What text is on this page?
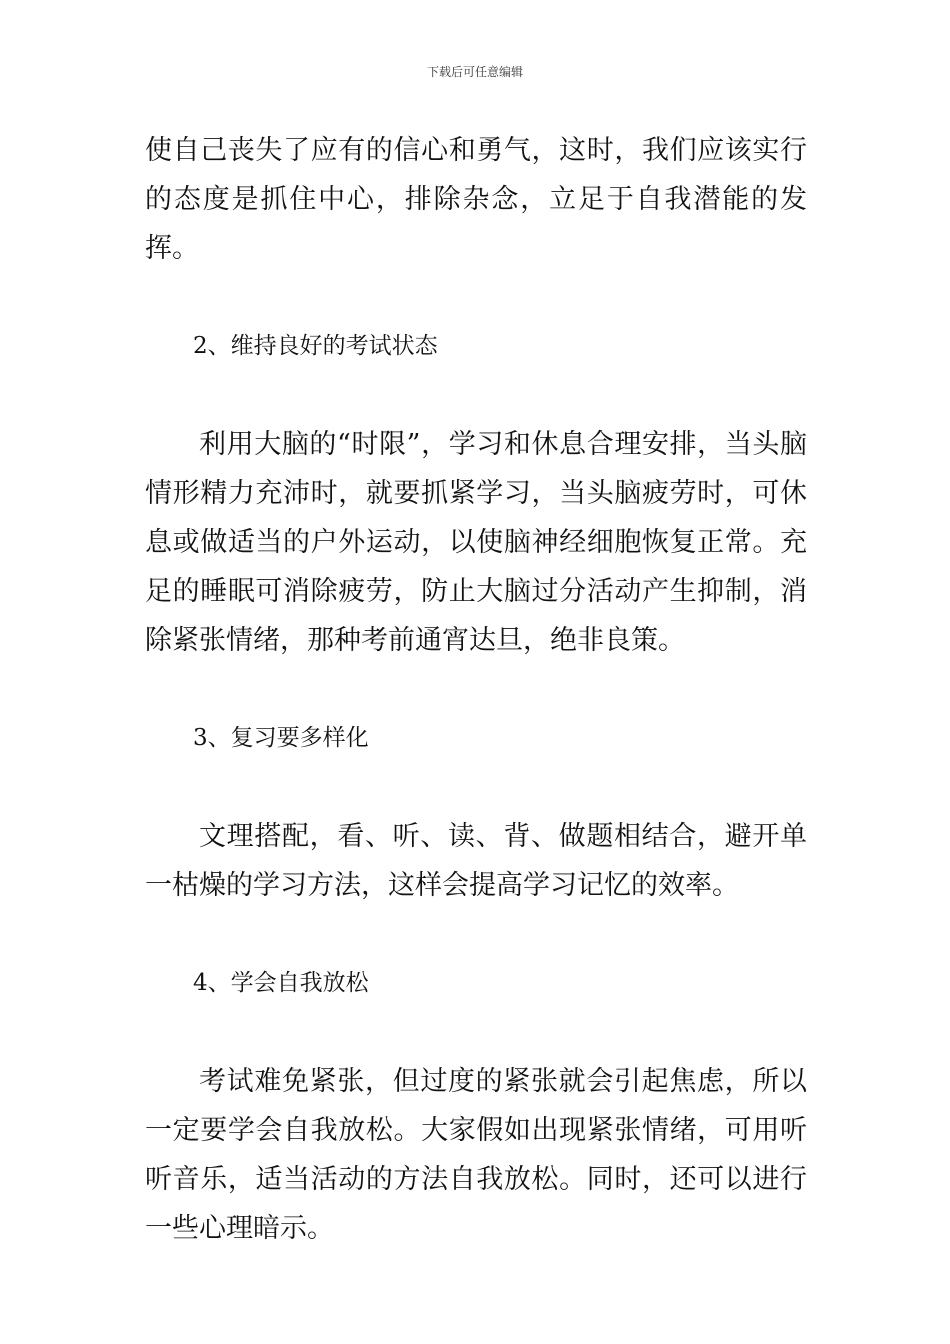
下载后可任意编辑

使自己丧失了应有的信心和勇气，这时，我们应该实行的态度是抓住中心，排除杂念，立足于自我潜能的发挥。

2、维持良好的考试状态

利用大脑的“时限”，学习和休息合理安排，当头脑情形精力充沛时，就要抓紧学习，当头脑疲劳时，可休息或做适当的户外运动，以使脑神经细胞恢复正常。充足的睡眠可消除疲劳，防止大脑过分活动产生抑制，消除紧张情绪，那种考前通宵达旦，绝非良策。

3、复习要多样化

文理搭配，看、听、读、背、做题相结合，避开单一枯燥的学习方法，这样会提高学习记忆的效率。

4、学会自我放松

考试难免紧张，但过度的紧张就会引起焦虑，所以一定要学会自我放松。大家假如出现紧张情绪，可用听听音乐，适当活动的方法自我放松。同时，还可以进行一些心理暗示。
